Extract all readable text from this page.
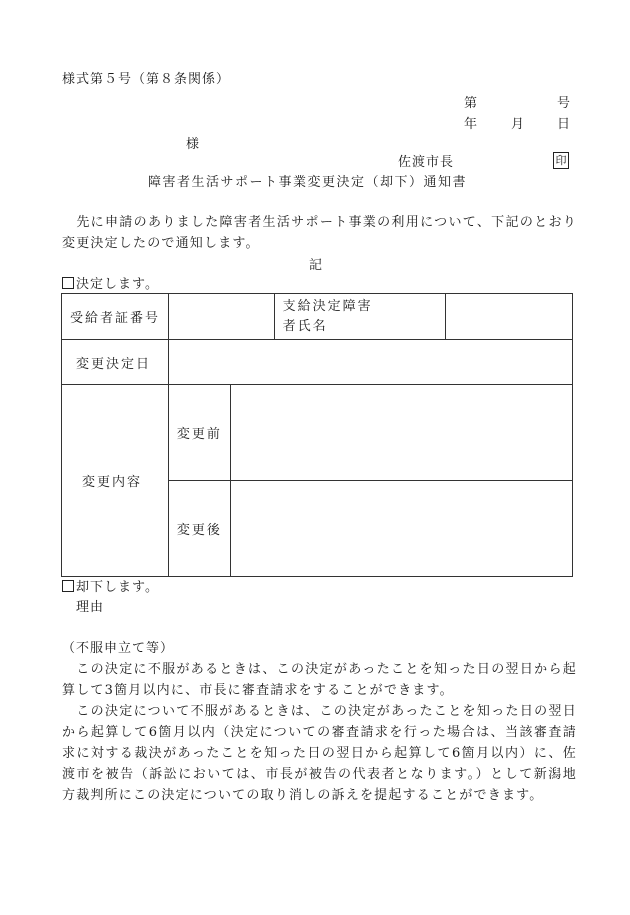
様式第５号（第８条関係）
第	号
年	月 日
様
佐渡市長	印
障害者生活サポート事業変更決定（却下）通知書
　先に申請のありました障害者生活サポート事業の利用について、下記のとおり変更決定したので通知します。
記
決定します。
受給者証番号			支給決定障害
者氏名	
変更決定日				
変更内容	変更前			
	変更後			
却下します。
理由
（不服申立て等）
　この決定に不服があるときは、この決定があったことを知った日の翌日から起算して3箇月以内に、市長に審査請求をすることができます。
　この決定について不服があるときは、この決定があったことを知った日の翌日から起算して6箇月以内（決定についての審査請求を行った場合は、当該審査請求に対する裁決があったことを知った日の翌日から起算して6箇月以内）に、佐渡市を被告（訴訟においては、市長が被告の代表者となります。）として新潟地方裁判所にこの決定についての取り消しの訴えを提起することができます。
